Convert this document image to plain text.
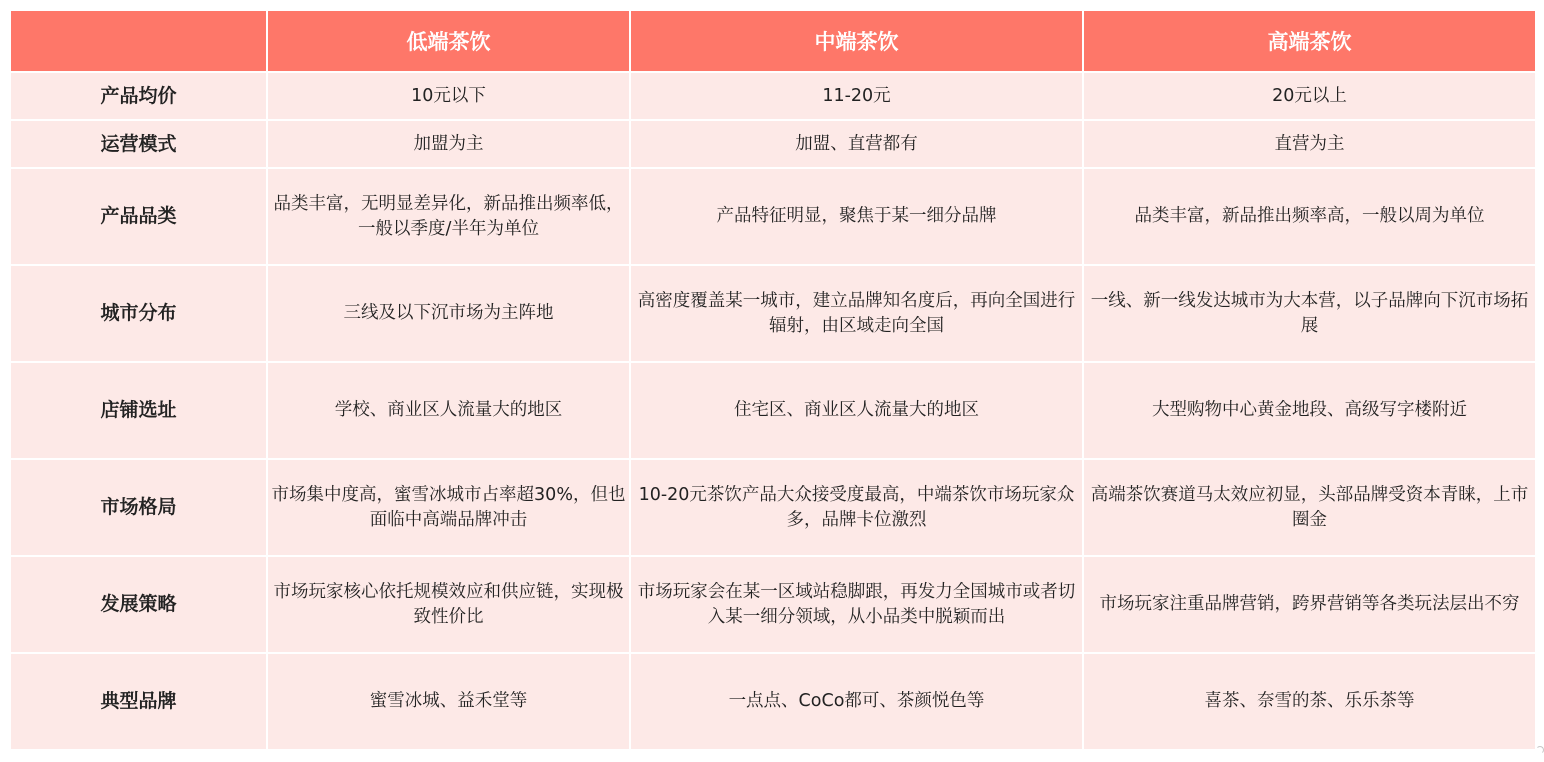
	低端茶饮	中端茶饮	高端茶饮
产品均价	10元以下	11-20元	20元以上

运营模式	加盟为主	加盟、直营都有	直营为主

产品品类	品类丰富，无明显差异化，新品推出频率低，一般以季度/半年为单位	产品特征明显，聚焦于某一细分品牌	品类丰富，新品推出频率高，一般以周为单位

城市分布	三线及以下沉市场为主阵地	高密度覆盖某一城市，建立品牌知名度后，再向全国进行辐射，由区域走向全国	一线、新一线发达城市为大本营，以子品牌向下沉市场拓展

店铺选址	学校、商业区人流量大的地区	住宅区、商业区人流量大的地区	大型购物中心黄金地段、高级写字楼附近

市场格局	市场集中度高，蜜雪冰城市占率超30%，但也面临中高端品牌冲击	10-20元茶饮产品大众接受度最高，中端茶饮市场玩家众多，品牌卡位激烈	高端茶饮赛道马太效应初显，头部品牌受资本青睐，上市圈金

发展策略	市场玩家核心依托规模效应和供应链，实现极致性价比	市场玩家会在某一区域站稳脚跟，再发力全国城市或者切入某一细分领域，从小品类中脱颖而出	市场玩家注重品牌营销，跨界营销等各类玩法层出不穷

典型品牌	蜜雪冰城、益禾堂等	一点点、CoCo都可、茶颜悦色等	喜茶、奈雪的茶、乐乐茶等
